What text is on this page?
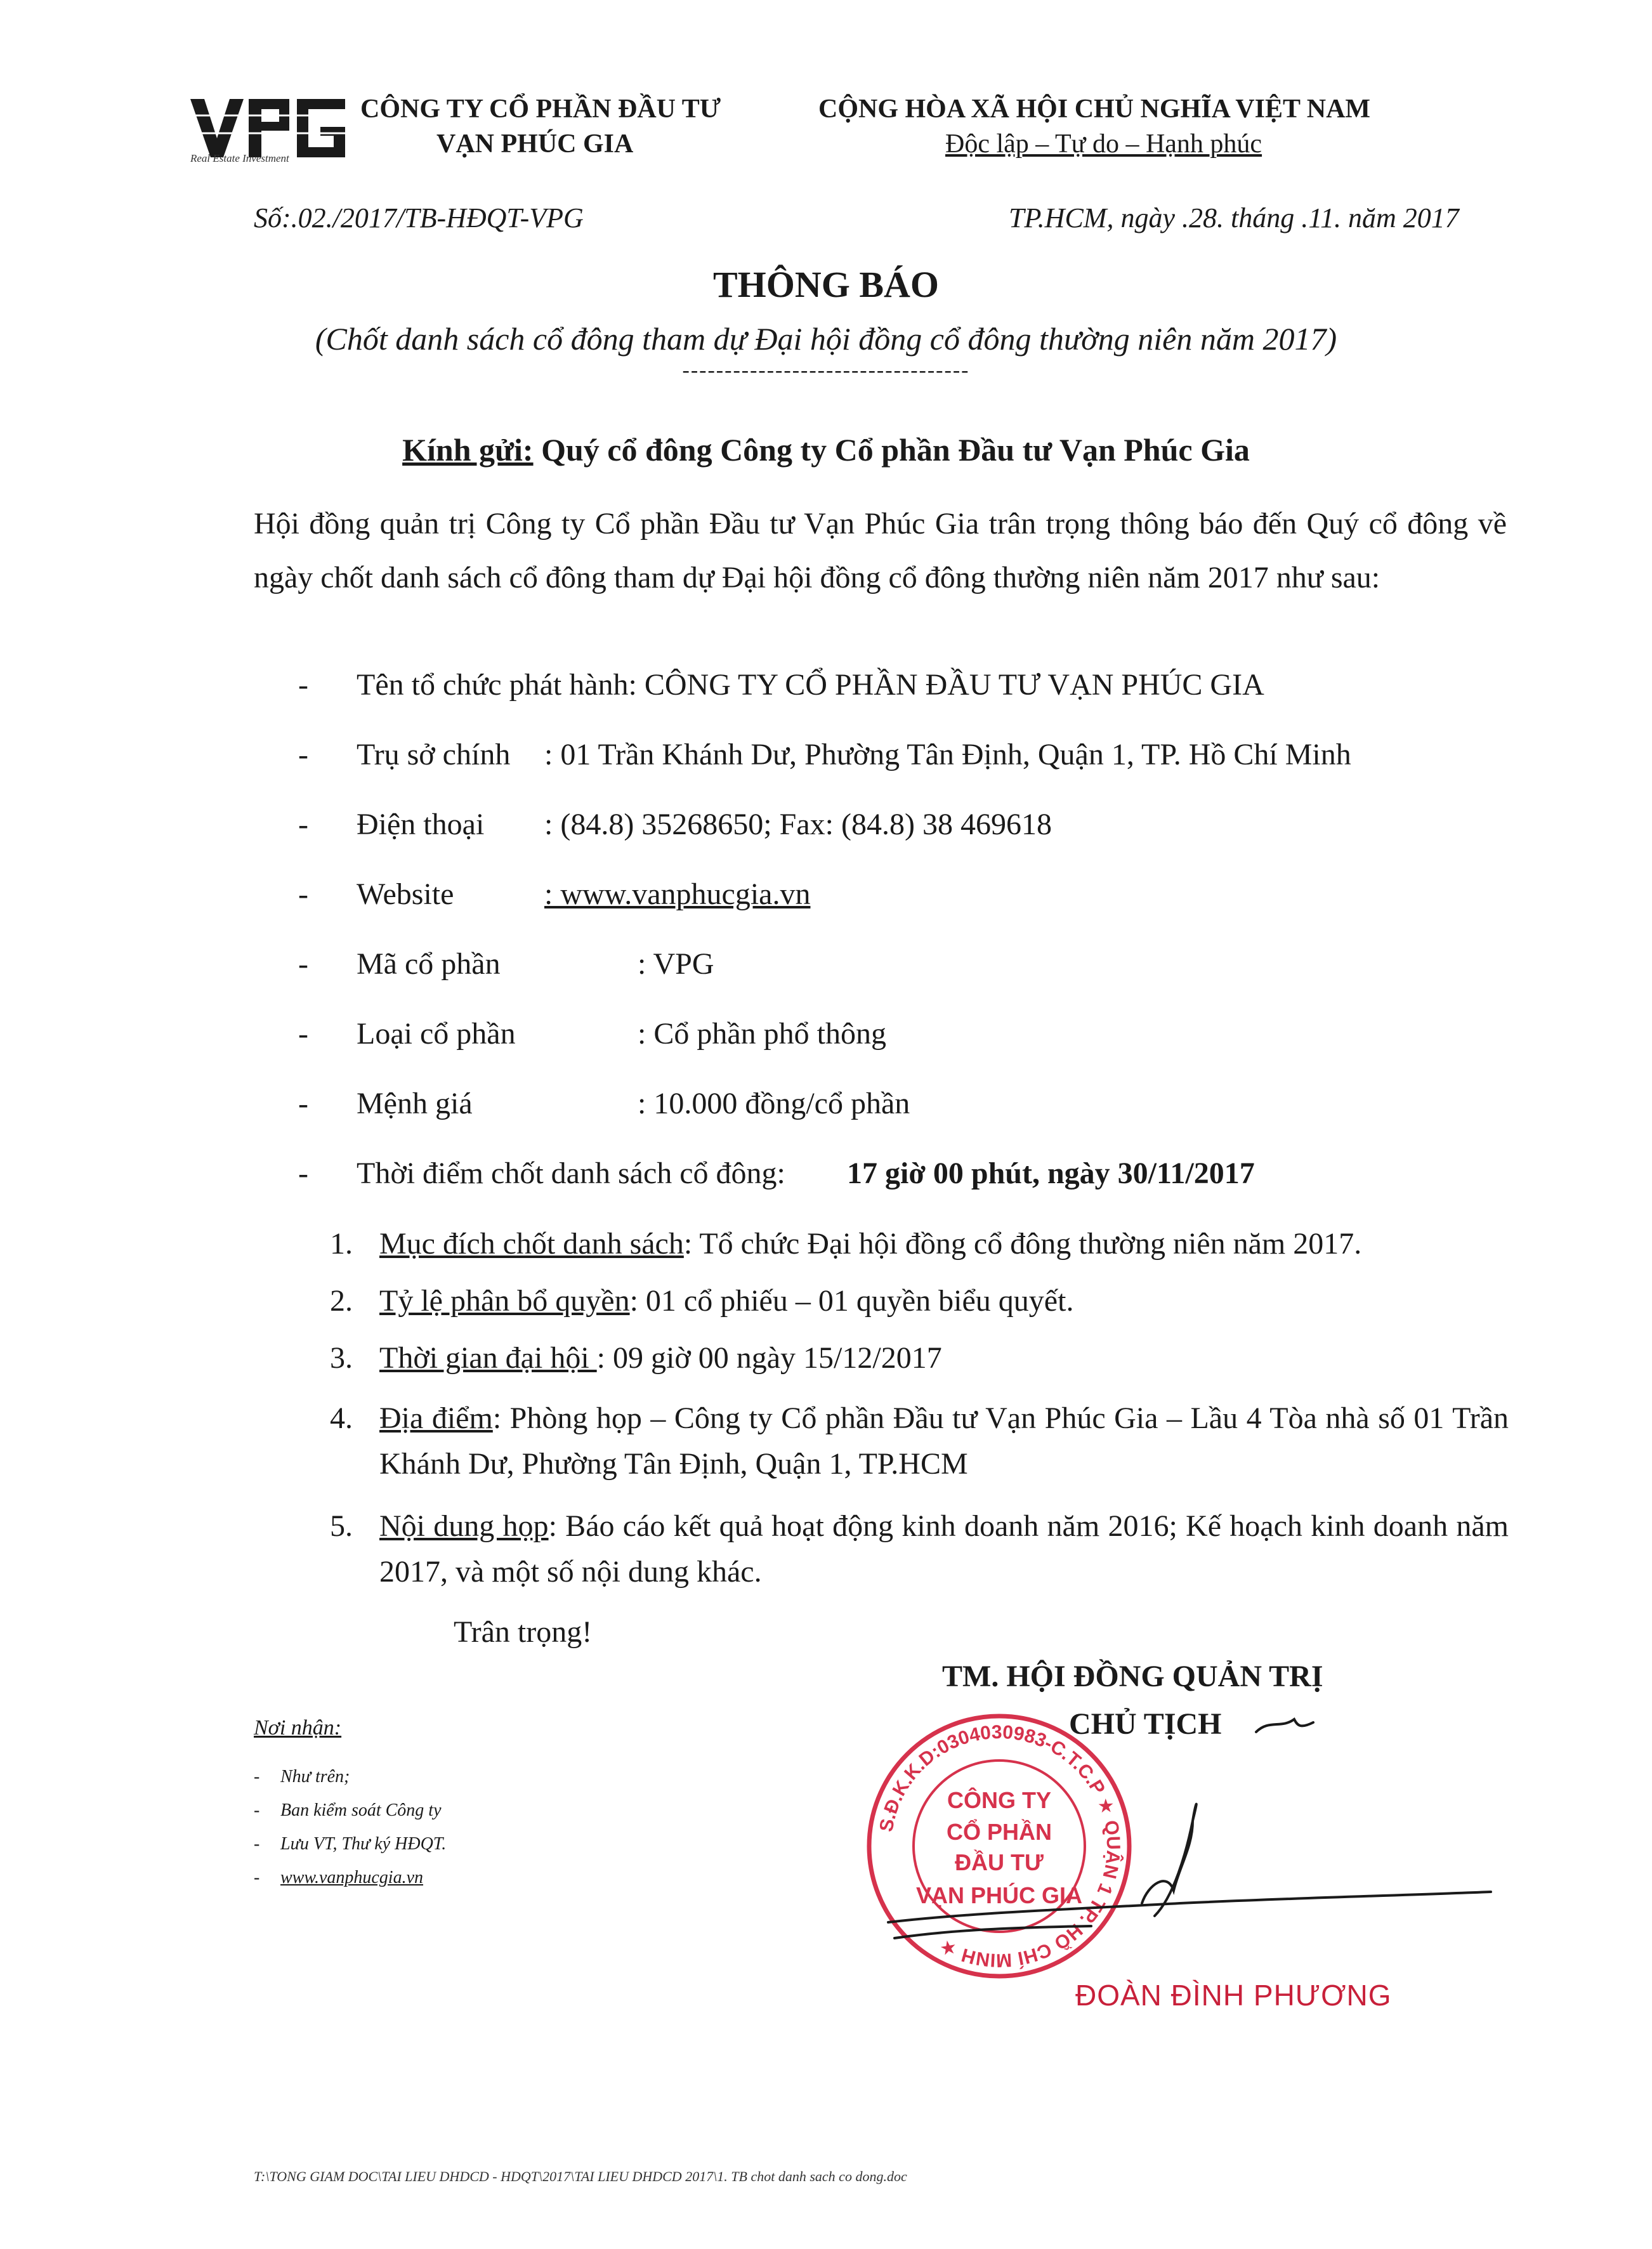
Real Estate Investment
CÔNG TY CỔ PHẦN ĐẦU TƯ
VẠN PHÚC GIA
CỘNG HÒA XÃ HỘI CHỦ NGHĨA VIỆT NAM
Độc lập – Tự do – Hạnh phúc
Số:.02./2017/TB-HĐQT-VPG	TP.HCM, ngày .28. tháng .11. năm 2017
THÔNG BÁO
(Chốt danh sách cổ đông tham dự Đại hội đồng cổ đông thường niên năm 2017)
----------------------------------
Kính gửi: Quý cổ đông Công ty Cổ phần Đầu tư Vạn Phúc Gia
Hội đồng quản trị Công ty Cổ phần Đầu tư Vạn Phúc Gia trân trọng thông báo đến Quý cổ đông về ngày chốt danh sách cổ đông tham dự Đại hội đồng cổ đông thường niên năm 2017 như sau:
- Tên tổ chức phát hành: CÔNG TY CỔ PHẦN ĐẦU TƯ VẠN PHÚC GIA
- Trụ sở chính : 01 Trần Khánh Dư, Phường Tân Định, Quận 1, TP. Hồ Chí Minh
- Điện thoại : (84.8) 35268650; Fax: (84.8) 38 469618
- Website	: www.vanphucgia.vn
- Mã cổ phần	: VPG
- Loại cổ phần	: Cổ phần phổ thông
- Mệnh giá	: 10.000 đồng/cổ phần
- Thời điểm chốt danh sách cổ đông: 17 giờ 00 phút, ngày 30/11/2017
1. Mục đích chốt danh sách: Tổ chức Đại hội đồng cổ đông thường niên năm 2017.
2. Tỷ lệ phân bổ quyền: 01 cổ phiếu – 01 quyền biểu quyết.
3. Thời gian đại hội : 09 giờ 00 ngày 15/12/2017
4. Địa điểm: Phòng họp – Công ty Cổ phần Đầu tư Vạn Phúc Gia – Lầu 4 Tòa nhà số 01 Trần Khánh Dư, Phường Tân Định, Quận 1, TP.HCM
5. Nội dung họp: Báo cáo kết quả hoạt động kinh doanh năm 2016; Kế hoạch kinh doanh năm 2017, và một số nội dung khác.
Trân trọng!
TM. HỘI ĐỒNG QUẢN TRỊ
CHỦ TỊCH
S.Đ.K.K.D:0304030983-C.T.C.P ★ QUẬN 1 TP. HỒ CHÍ MINH ★
CÔNG TY
CỔ PHẦN
ĐẦU TƯ
VẠN PHÚC GIA
ĐOÀN ĐÌNH PHƯƠNG
Nơi nhận:
- Như trên;
- Ban kiểm soát Công ty
- Lưu VT, Thư ký HĐQT.
- www.vanphucgia.vn
T:\TONG GIAM DOC\TAI LIEU DHDCD - HDQT\2017\TAI LIEU DHDCD 2017\1. TB chot danh sach co dong.doc
